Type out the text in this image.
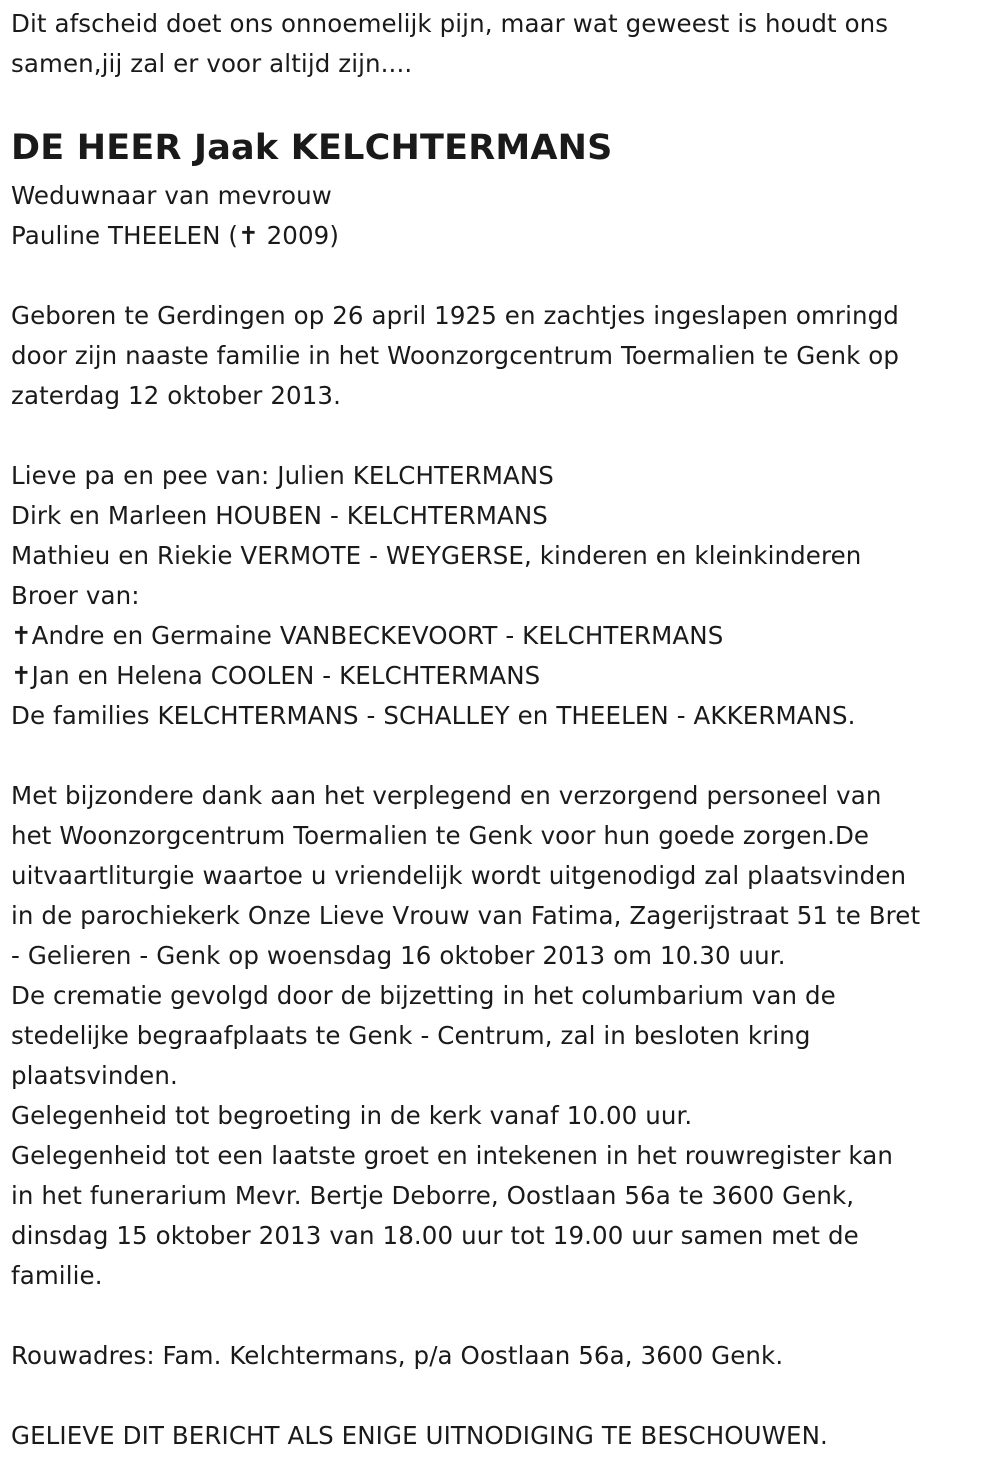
Dit afscheid doet ons onnoemelijk pijn, maar wat geweest is houdt ons
samen,jij zal er voor altijd zijn....
DE HEER Jaak KELCHTERMANS
Weduwnaar van mevrouw
Pauline THEELEN (✝ 2009)
Geboren te Gerdingen op 26 april 1925 en zachtjes ingeslapen omringd
door zijn naaste familie in het Woonzorgcentrum Toermalien te Genk op
zaterdag 12 oktober 2013.
Lieve pa en pee van: Julien KELCHTERMANS
Dirk en Marleen HOUBEN - KELCHTERMANS
Mathieu en Riekie VERMOTE - WEYGERSE, kinderen en kleinkinderen
Broer van:
✝Andre en Germaine VANBECKEVOORT - KELCHTERMANS
✝Jan en Helena COOLEN - KELCHTERMANS
De families KELCHTERMANS - SCHALLEY en THEELEN - AKKERMANS.
Met bijzondere dank aan het verplegend en verzorgend personeel van
het Woonzorgcentrum Toermalien te Genk voor hun goede zorgen.De
uitvaartliturgie waartoe u vriendelijk wordt uitgenodigd zal plaatsvinden
in de parochiekerk Onze Lieve Vrouw van Fatima, Zagerijstraat 51 te Bret
- Gelieren - Genk op woensdag 16 oktober 2013 om 10.30 uur.
De crematie gevolgd door de bijzetting in het columbarium van de
stedelijke begraafplaats te Genk - Centrum, zal in besloten kring
plaatsvinden.
Gelegenheid tot begroeting in de kerk vanaf 10.00 uur.
Gelegenheid tot een laatste groet en intekenen in het rouwregister kan
in het funerarium Mevr. Bertje Deborre, Oostlaan 56a te 3600 Genk,
dinsdag 15 oktober 2013 van 18.00 uur tot 19.00 uur samen met de
familie.
Rouwadres: Fam. Kelchtermans, p/a Oostlaan 56a, 3600 Genk.
GELIEVE DIT BERICHT ALS ENIGE UITNODIGING TE BESCHOUWEN.
